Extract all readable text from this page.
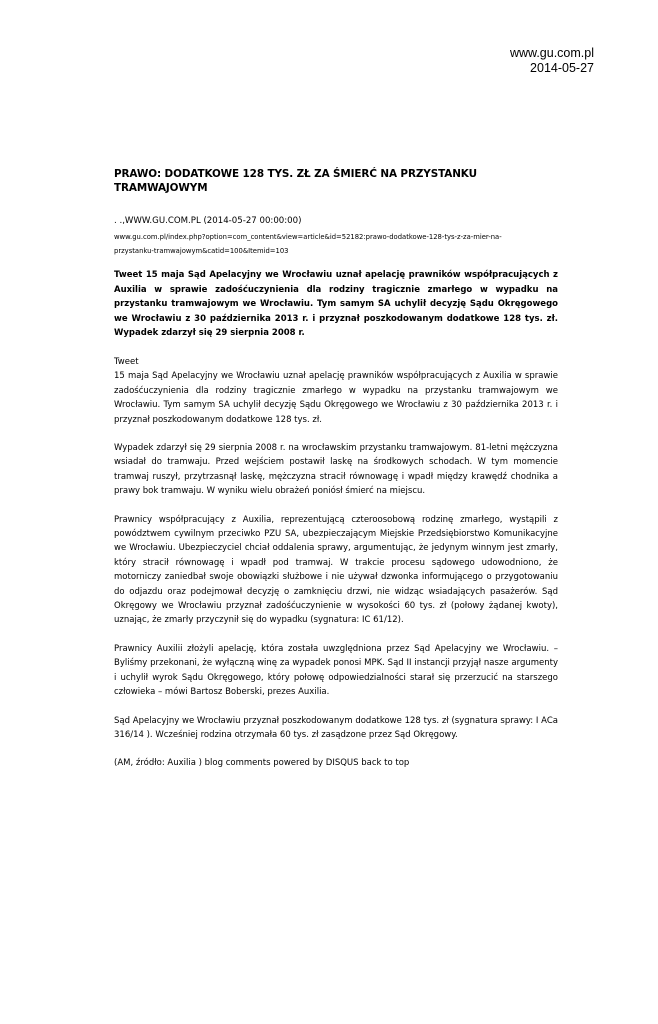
www.gu.com.pl
2014-05-27
PRAWO: DODATKOWE 128 TYS. ZŁ ZA ŚMIERĆ NA PRZYSTANKU TRAMWAJOWYM
. .,WWW.GU.COM.PL (2014-05-27 00:00:00)
www.gu.com.pl/index.php?option=com_content&view=article&id=52182:prawo-dodatkowe-128-tys-z-za-mier-na-
przystanku-tramwajowym&catid=100&Itemid=103

Tweet 15 maja Sąd Apelacyjny we Wrocławiu uznał apelację prawników współpracujących z Auxilia w sprawie zadośćuczynienia dla rodziny tragicznie zmarłego w wypadku na przystanku tramwajowym we Wrocławiu. Tym samym SA uchylił decyzję Sądu Okręgowego we Wrocławiu z 30 października 2013 r. i przyznał poszkodowanym dodatkowe 128 tys. zł. Wypadek zdarzył się 29 sierpnia 2008 r.

Tweet
15 maja Sąd Apelacyjny we Wrocławiu uznał apelację prawników współpracujących z Auxilia w sprawie zadośćuczynienia dla rodziny tragicznie zmarłego w wypadku na przystanku tramwajowym we Wrocławiu. Tym samym SA uchylił decyzję Sądu Okręgowego we Wrocławiu z 30 października 2013 r. i przyznał poszkodowanym dodatkowe 128 tys. zł.

Wypadek zdarzył się 29 sierpnia 2008 r. na wrocławskim przystanku tramwajowym. 81-letni mężczyzna wsiadał do tramwaju. Przed wejściem postawił laskę na środkowych schodach. W tym momencie tramwaj ruszył, przytrzasnął laskę, mężczyzna stracił równowagę i wpadł między krawędź chodnika a prawy bok tramwaju. W wyniku wielu obrażeń poniósł śmierć na miejscu.

Prawnicy współpracujący z Auxilia, reprezentującą czteroosobową rodzinę zmarłego, wystąpili z powództwem cywilnym przeciwko PZU SA, ubezpieczającym Miejskie Przedsiębiorstwo Komunikacyjne we Wrocławiu. Ubezpieczyciel chciał oddalenia sprawy, argumentując, że jedynym winnym jest zmarły, który stracił równowagę i wpadł pod tramwaj. W trakcie procesu sądowego udowodniono, że motorniczy zaniedbał swoje obowiązki służbowe i nie używał dzwonka informującego o przygotowaniu do odjazdu oraz podejmował decyzję o zamknięciu drzwi, nie widząc wsiadających pasażerów. Sąd Okręgowy we Wrocławiu przyznał zadośćuczynienie w wysokości 60 tys. zł (połowy żądanej kwoty), uznając, że zmarły przyczynił się do wypadku (sygnatura: IC 61/12).

Prawnicy Auxilii złożyli apelację, która została uwzględniona przez Sąd Apelacyjny we Wrocławiu. – Byliśmy przekonani, że wyłączną winę za wypadek ponosi MPK. Sąd II instancji przyjął nasze argumenty i uchylił wyrok Sądu Okręgowego, który połowę odpowiedzialności starał się przerzucić na starszego człowieka – mówi Bartosz Boberski, prezes Auxilia.

Sąd Apelacyjny we Wrocławiu przyznał poszkodowanym dodatkowe 128 tys. zł (sygnatura sprawy: I ACa 316/14 ). Wcześniej rodzina otrzymała 60 tys. zł zasądzone przez Sąd Okręgowy.

(AM, źródło: Auxilia ) blog comments powered by DISQUS back to top
